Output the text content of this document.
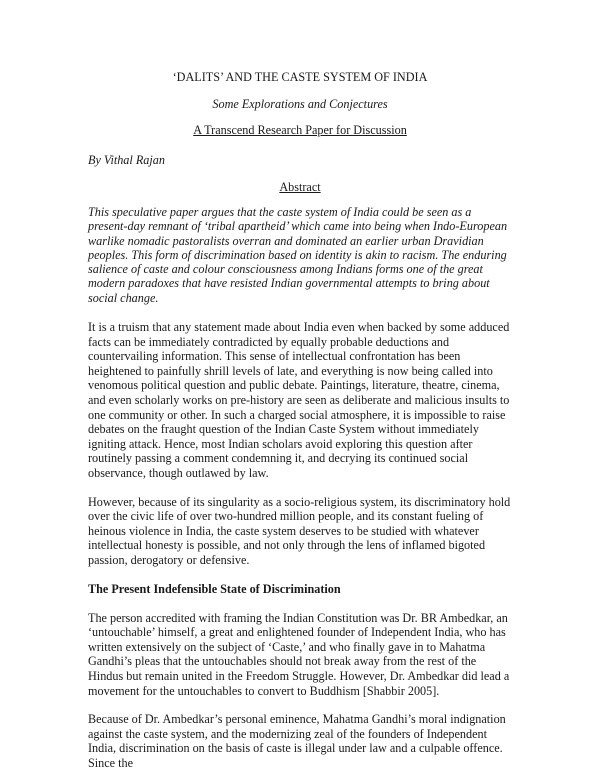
‘DALITS’ AND THE CASTE SYSTEM OF INDIA
Some Explorations and Conjectures
A Transcend Research Paper for Discussion
By Vithal Rajan
Abstract
This speculative paper argues that the caste system of India could be seen as a present-day remnant of ‘tribal apartheid’ which came into being when Indo-European warlike nomadic pastoralists overran and dominated an earlier urban Dravidian peoples. This form of discrimination based on identity is akin to racism. The enduring salience of caste and colour consciousness among Indians forms one of the great modern paradoxes that have resisted Indian governmental attempts to bring about social change.

It is a truism that any statement made about India even when backed by some adduced facts can be immediately contradicted by equally probable deductions and countervailing information. This sense of intellectual confrontation has been heightened to painfully shrill levels of late, and everything is now being called into venomous political question and public debate. Paintings, literature, theatre, cinema, and even scholarly works on pre-history are seen as deliberate and malicious insults to one community or other. In such a charged social atmosphere, it is impossible to raise debates on the fraught question of the Indian Caste System without immediately igniting attack. Hence, most Indian scholars avoid exploring this question after routinely passing a comment condemning it, and decrying its continued social observance, though outlawed by law.

However, because of its singularity as a socio-religious system, its discriminatory hold over the civic life of over two-hundred million people, and its constant fueling of heinous violence in India, the caste system deserves to be studied with whatever intellectual honesty is possible, and not only through the lens of inflamed bigoted passion, derogatory or defensive.

The Present Indefensible State of Discrimination

The person accredited with framing the Indian Constitution was Dr. BR Ambedkar, an ‘untouchable’ himself, a great and enlightened founder of Independent India, who has written extensively on the subject of ‘Caste,’ and who finally gave in to Mahatma Gandhi’s pleas that the untouchables should not break away from the rest of the Hindus but remain united in the Freedom Struggle. However, Dr. Ambedkar did lead a movement for the untouchables to convert to Buddhism [Shabbir 2005].

Because of Dr. Ambedkar’s personal eminence, Mahatma Gandhi’s moral indignation against the caste system, and the modernizing zeal of the founders of Independent India, discrimination on the basis of caste is illegal under law and a culpable offence. Since the
